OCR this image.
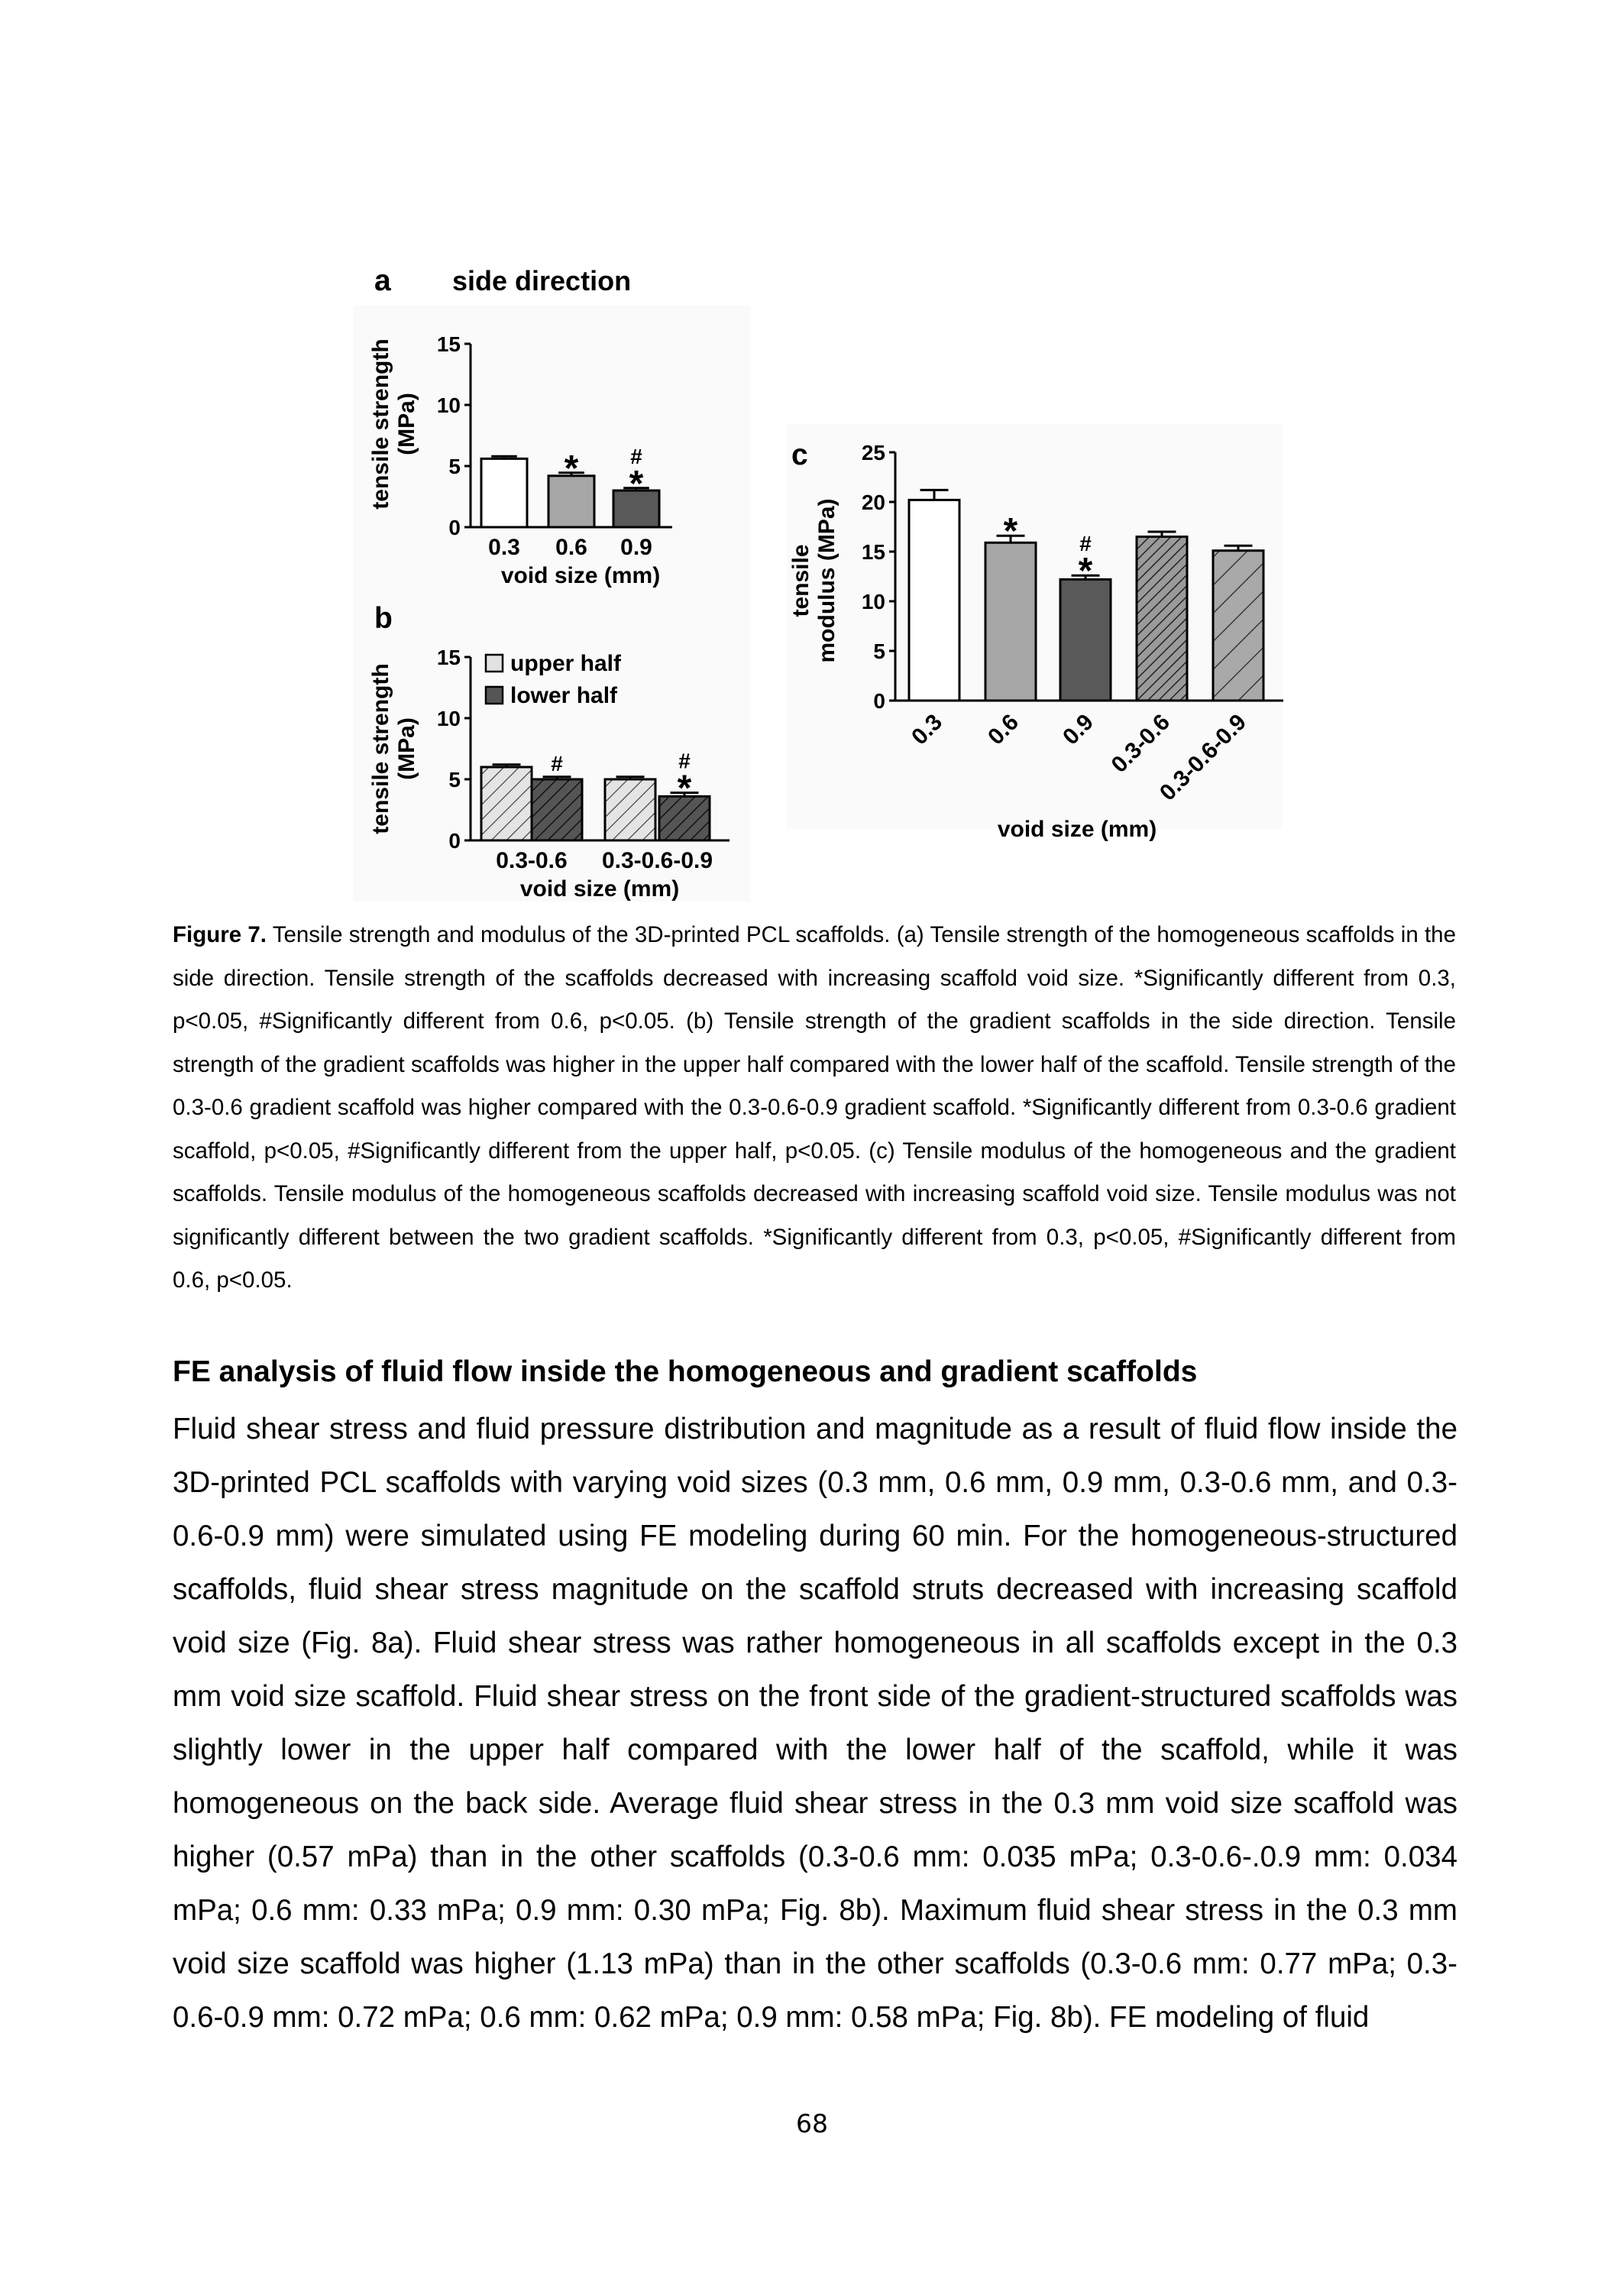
a side direction
tensile strength (MPa)
0
5
10
15
0.3
*
0.6
*
#
0.9
void size (mm)
b
tensile strength (MPa)
0
5
10
15
#
0.3-0.6
*
#
0.3-0.6-0.9
upper half
lower half
void size (mm)
c
tensile modulus (MPa)
0
5
10
15
20
25
0.3
*
0.6
*
#
0.9 0.3-0.6
0.3-0.6-0.9
void size (mm)

Figure 7. Tensile strength and modulus of the 3D-printed PCL scaffolds. (a) Tensile strength of the homogeneous scaffolds in the side direction. Tensile strength of the scaffolds decreased with increasing scaffold void size. *Significantly different from 0.3, p<0.05, #Significantly different from 0.6, p<0.05. (b) Tensile strength of the gradient scaffolds in the side direction. Tensile strength of the gradient scaffolds was higher in the upper half compared with the lower half of the scaffold. Tensile strength of the 0.3-0.6 gradient scaffold was higher compared with the 0.3-0.6-0.9 gradient scaffold. *Significantly different from 0.3-0.6 gradient scaffold, p<0.05, #Significantly different from the upper half, p<0.05. (c) Tensile modulus of the homogeneous and the gradient scaffolds. Tensile modulus of the homogeneous scaffolds decreased with increasing scaffold void size. Tensile modulus was not significantly different between the two gradient scaffolds. *Significantly different from 0.3, p<0.05, #Significantly different from 0.6, p<0.05.

FE analysis of fluid flow inside the homogeneous and gradient scaffolds

Fluid shear stress and fluid pressure distribution and magnitude as a result of fluid flow inside the 3D-printed PCL scaffolds with varying void sizes (0.3 mm, 0.6 mm, 0.9 mm, 0.3-0.6 mm, and 0.3-0.6-0.9 mm) were simulated using FE modeling during 60 min. For the homogeneous-structured scaffolds, fluid shear stress magnitude on the scaffold struts decreased with increasing scaffold void size (Fig. 8a). Fluid shear stress was rather homogeneous in all scaffolds except in the 0.3 mm void size scaffold. Fluid shear stress on the front side of the gradient-structured scaffolds was slightly lower in the upper half compared with the lower half of the scaffold, while it was homogeneous on the back side. Average fluid shear stress in the 0.3 mm void size scaffold was higher (0.57 mPa) than in the other scaffolds (0.3-0.6 mm: 0.035 mPa; 0.3-0.6-.0.9 mm: 0.034 mPa; 0.6 mm: 0.33 mPa; 0.9 mm: 0.30 mPa; Fig. 8b). Maximum fluid shear stress in the 0.3 mm void size scaffold was higher (1.13 mPa) than in the other scaffolds (0.3-0.6 mm: 0.77 mPa; 0.3-0.6-0.9 mm: 0.72 mPa; 0.6 mm: 0.62 mPa; 0.9 mm: 0.58 mPa; Fig. 8b). FE modeling of fluid

68
